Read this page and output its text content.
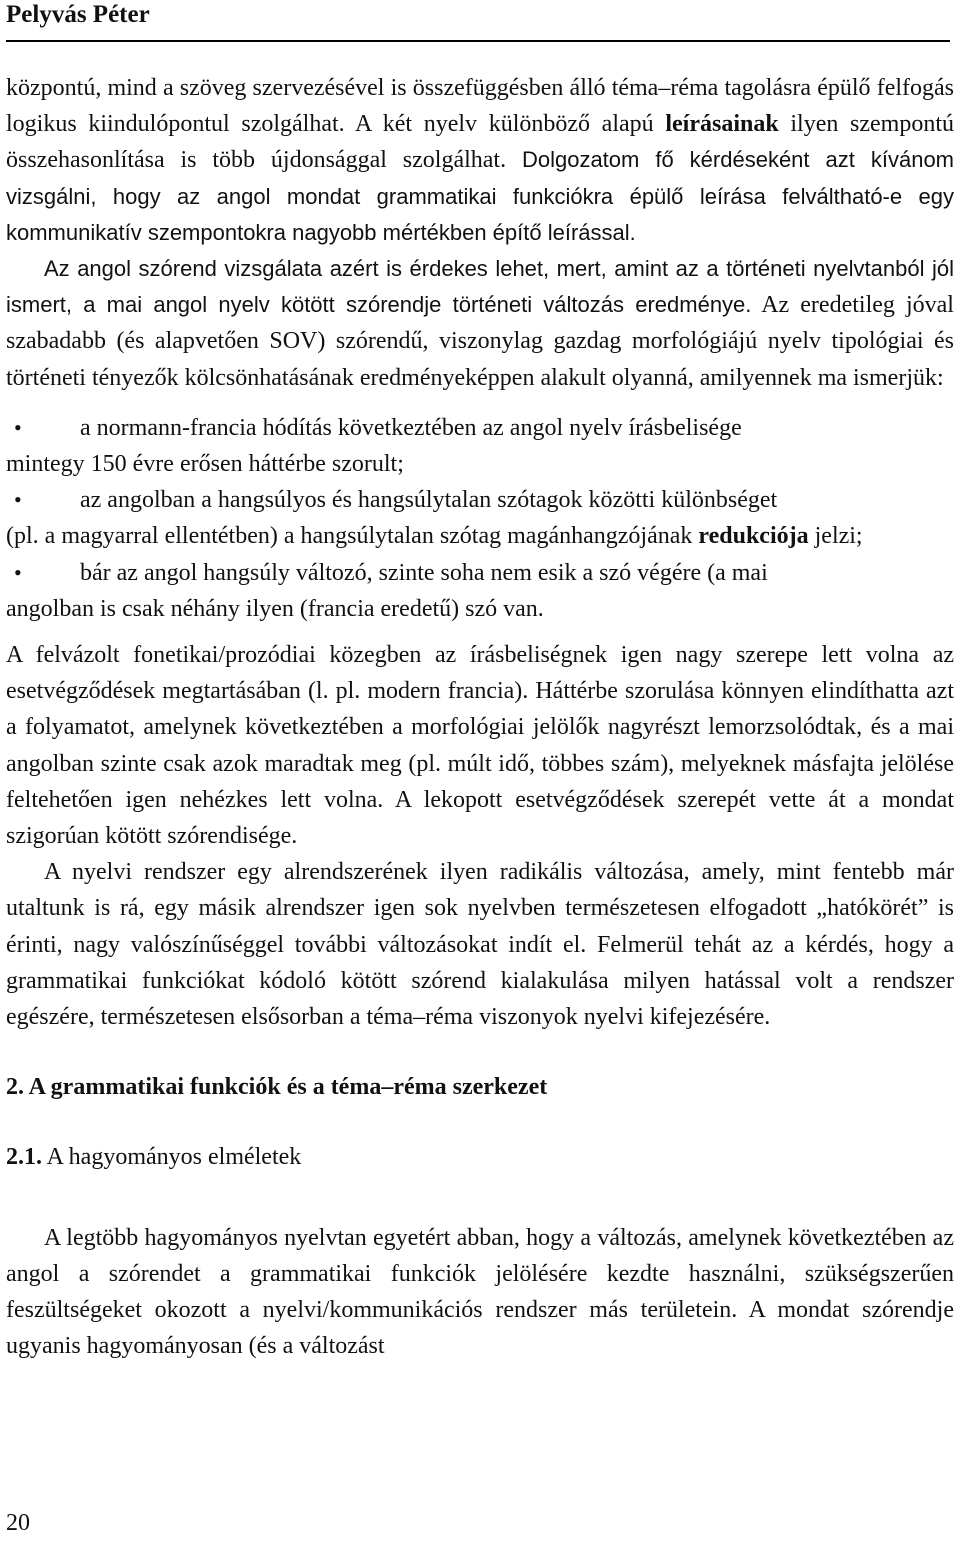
Pelyvás Péter

központú, mind a szöveg szervezésével is összefüggésben álló téma–réma tagolásra épülő felfogás logikus kiindulópontul szolgálhat. A két nyelv különböző alapú leírásainak ilyen szempontú összehasonlítása is több újdonsággal szolgálhat. Dolgozatom fő kérdéseként azt kívánom vizsgálni, hogy az angol mondat grammatikai funkciókra épülő leírása felváltható-e egy kommunikatív szempontokra nagyobb mértékben építő leírással.

Az angol szórend vizsgálata azért is érdekes lehet, mert, amint az a történeti nyelvtanból jól ismert, a mai angol nyelv kötött szórendje történeti változás eredménye. Az eredetileg jóval szabadabb (és alapvetően SOV) szórendű, viszonylag gazdag morfológiájú nyelv tipológiai és történeti tényezők kölcsönhatásának eredményeképpen alakult olyanná, amilyennek ma ismerjük:

• a normann-francia hódítás következtében az angol nyelv írásbelisége
mintegy 150 évre erősen háttérbe szorult;
• az angolban a hangsúlyos és hangsúlytalan szótagok közötti különbséget
(pl. a magyarral ellentétben) a hangsúlytalan szótag magánhangzójának redukciója jelzi;
• bár az angol hangsúly változó, szinte soha nem esik a szó végére (a mai
angolban is csak néhány ilyen (francia eredetű) szó van.

A felvázolt fonetikai/prozódiai közegben az írásbeliségnek igen nagy szerepe lett volna az esetvégződések megtartásában (l. pl. modern francia). Háttérbe szorulása könnyen elindíthatta azt a folyamatot, amelynek következtében a morfológiai jelölők nagyrészt lemorzsolódtak, és a mai angolban szinte csak azok maradtak meg (pl. múlt idő, többes szám), melyeknek másfajta jelölése feltehetően igen nehézkes lett volna. A lekopott esetvégződések szerepét vette át a mondat szigorúan kötött szórendisége.

A nyelvi rendszer egy alrendszerének ilyen radikális változása, amely, mint fentebb már utaltunk is rá, egy másik alrendszer igen sok nyelvben természetesen elfogadott „hatókörét” is érinti, nagy valószínűséggel további változásokat indít el. Felmerül tehát az a kérdés, hogy a grammatikai funkciókat kódoló kötött szórend kialakulása milyen hatással volt a rendszer egészére, természetesen elsősorban a téma–réma viszonyok nyelvi kifejezésére.

2. A grammatikai funkciók és a téma–réma szerkezet

2.1. A hagyományos elméletek

A legtöbb hagyományos nyelvtan egyetért abban, hogy a változás, amelynek következtében az angol a szórendet a grammatikai funkciók jelölésére kezdte használni, szükségszerűen feszültségeket okozott a nyelvi/kommunikációs rendszer más területein. A mondat szórendje ugyanis hagyományosan (és a változást

20
